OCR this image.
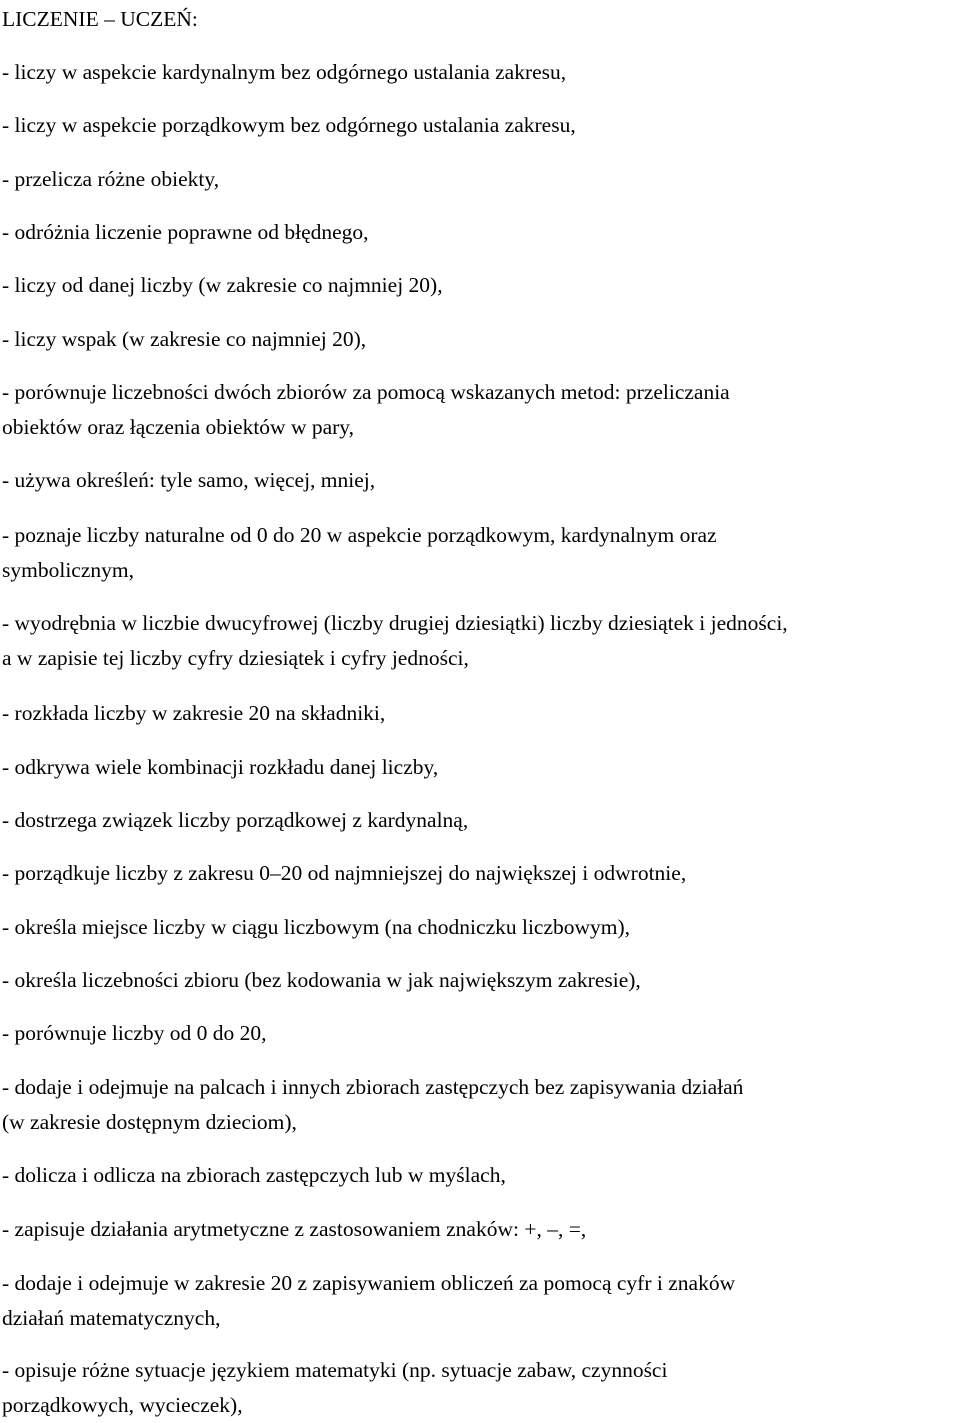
LICZENIE – UCZEŃ:
- liczy w aspekcie kardynalnym bez odgórnego ustalania zakresu,
- liczy w aspekcie porządkowym bez odgórnego ustalania zakresu,
- przelicza różne obiekty,
- odróżnia liczenie poprawne od błędnego,
- liczy od danej liczby (w zakresie co najmniej 20),
- liczy wspak (w zakresie co najmniej 20),
- porównuje liczebności dwóch zbiorów za pomocą wskazanych metod: przeliczania
obiektów oraz łączenia obiektów w pary,
- używa określeń: tyle samo, więcej, mniej,
- poznaje liczby naturalne od 0 do 20 w aspekcie porządkowym, kardynalnym oraz
symbolicznym,
- wyodrębnia w liczbie dwucyfrowej (liczby drugiej dziesiątki) liczby dziesiątek i jedności,
a w zapisie tej liczby cyfry dziesiątek i cyfry jedności,
- rozkłada liczby w zakresie 20 na składniki,
- odkrywa wiele kombinacji rozkładu danej liczby,
- dostrzega związek liczby porządkowej z kardynalną,
- porządkuje liczby z zakresu 0–20 od najmniejszej do największej i odwrotnie,
- określa miejsce liczby w ciągu liczbowym (na chodniczku liczbowym),
- określa liczebności zbioru (bez kodowania w jak największym zakresie),
- porównuje liczby od 0 do 20,
- dodaje i odejmuje na palcach i innych zbiorach zastępczych bez zapisywania działań
(w zakresie dostępnym dzieciom),
- dolicza i odlicza na zbiorach zastępczych lub w myślach,
- zapisuje działania arytmetyczne z zastosowaniem znaków: +, –, =,
- dodaje i odejmuje w zakresie 20 z zapisywaniem obliczeń za pomocą cyfr i znaków
działań matematycznych,
- opisuje różne sytuacje językiem matematyki (np. sytuacje zabaw, czynności
porządkowych, wycieczek),
